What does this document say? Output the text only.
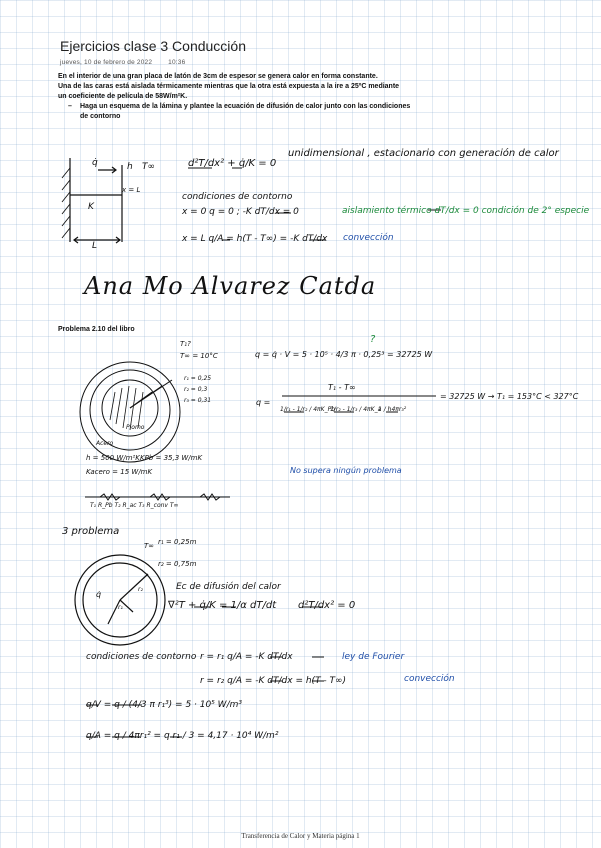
Ejercicios clase 3 Conducción
jueves, 10 de febrero de 2022 10:36

En el interior de una gran placa de latón de 3cm de espesor se genera calor en forma constante.

Una de las caras está aislada térmicamente mientras que la otra está expuesta a la ire a 25ºC mediante

un coeficiente de película de 58W/m²K.

– Haga un esquema de la lámina y plantee la ecuación de difusión de calor junto con las condiciones

de contorno

q̇	h T∞
x = L
K
L
d²T/dx² + q̇/K = 0
unidimensional , estacionario con generación de calor
condiciones de contorno
x = 0 q = 0 ; -K dT/dx = 0	aislamiento térmico dT/dx = 0 condición de 2° especie
x = L q/A = h(T - T∞) = -K dT/dx convección
Ana Mo Alvarez Catda
Problema 2.10 del libro
T₁?
T∞ = 10°C
r₁ = 0,25
r₂ = 0,3
r₃ = 0,31
Plomo
Acero
h = 500 W/m²K KPb = 35,3 W/mK
Kacero = 15 W/mK
q = q̇ · V = 5 · 10⁵ · 4/3 π · 0,25³ = 32725 W
?
q =
T₁ - T∞
1/r₁ - 1/r₂ / 4πK_Pb
1/r₂ - 1/r₃ / 4πK_a
1 / h4πr₃²
= 32725 W → T₁ = 153°C < 327°C
No supera ningún problema
T₁ R_Pb T₂ R_ac T₃ R_conv T∞
3 problema
T∞ r₁ = 0,25m
r₂ = 0,75m
q̇
r₁
r₂	Ec de difusión del calor
∇²T + q̇/K = 1/α dT/dt d²T/dx² = 0
condiciones de contorno r = r₁ q/A = -K dT/dx	ley de Fourier
r = r₂ q/A = -K dT/dx = h(T - T∞)	convección
q/V = q / (4/3 π r₁³) = 5 · 10⁵ W/m³
q/A = q / 4πr₁² = q r₁ / 3 = 4,17 · 10⁴ W/m²
Transferencia de Calor y Materia página 1
